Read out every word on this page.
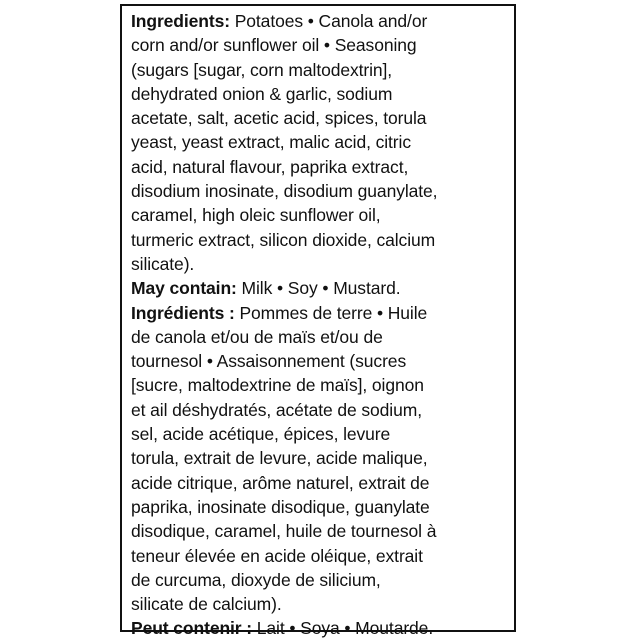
Ingredients: Potatoes • Canola and/or
corn and/or sunflower oil • Seasoning
(sugars [sugar, corn maltodextrin],
dehydrated onion & garlic, sodium
acetate, salt, acetic acid, spices, torula
yeast, yeast extract, malic acid, citric
acid, natural flavour, paprika extract,
disodium inosinate, disodium guanylate,
caramel, high oleic sunflower oil,
turmeric extract, silicon dioxide, calcium
silicate).
May contain: Milk • Soy • Mustard.
Ingrédients : Pommes de terre • Huile
de canola et/ou de maïs et/ou de
tournesol • Assaisonnement (sucres
[sucre, maltodextrine de maïs], oignon
et ail déshydratés, acétate de sodium,
sel, acide acétique, épices, levure
torula, extrait de levure, acide malique,
acide citrique, arôme naturel, extrait de
paprika, inosinate disodique, guanylate
disodique, caramel, huile de tournesol à
teneur élevée en acide oléique, extrait
de curcuma, dioxyde de silicium,
silicate de calcium).
Peut contenir : Lait • Soya • Moutarde.
